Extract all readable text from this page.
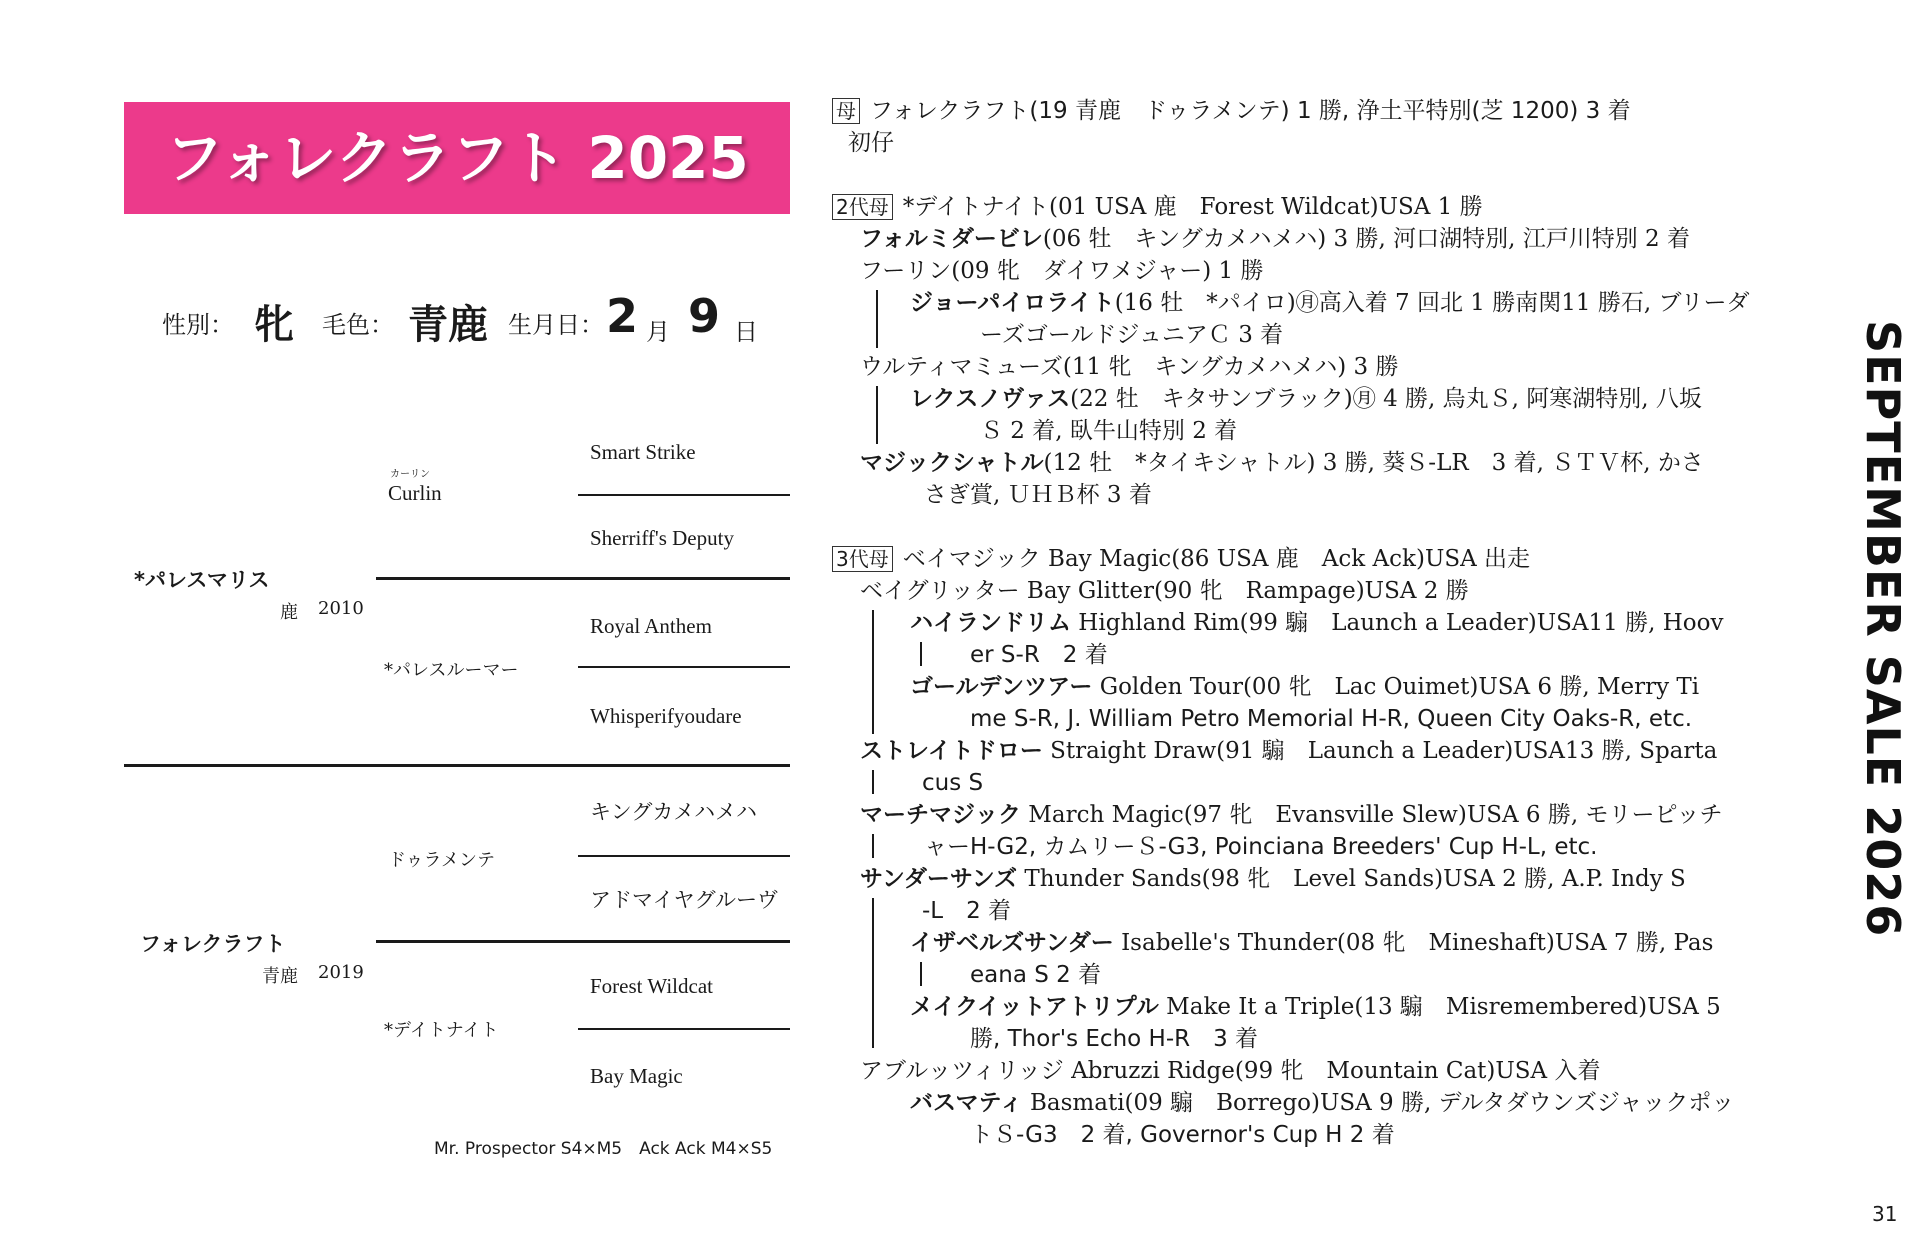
フォレクラフト 2025
性別： 牝 毛色： 青鹿 生月日： 2 月 9 日
Smart Strike
Sherriff's Deputy
Royal Anthem
Whisperifyoudare
キングカメハメハ
アドマイヤグルーヴ
Forest Wildcat
Bay Magic
カーリン
Curlin
*パレスルーマー
ドゥラメンテ
*デイトナイト
*パレスマリス
鹿 2010
フォレクラフト
青鹿 2019
Mr. Prospector S4×M5　Ack Ack M4×S5
母 フォレクラフト(19 青鹿　ドゥラメンテ) 1 勝, 浄土平特別(芝 1200) 3 着
初仔
2代母 *デイトナイト(01 USA 鹿　Forest Wildcat)USA 1 勝
フォルミダービレ(06 牡　キングカメハメハ) 3 勝, 河口湖特別, 江戸川特別 2 着
フーリン(09 牝　ダイワメジャー) 1 勝
ジョーパイロライト(16 牡　*パイロ)㊊高入着 7 回北 1 勝南関11 勝石, ブリーダ
ーズゴールドジュニアＣ 3 着
ウルティマミューズ(11 牝　キングカメハメハ) 3 勝
レクスノヴァス(22 牡　キタサンブラック)㊊ 4 勝, 烏丸Ｓ, 阿寒湖特別, 八坂
Ｓ 2 着, 臥牛山特別 2 着
マジックシャトル(12 牡　*タイキシャトル) 3 勝, 葵Ｓ-LR　3 着, ＳＴＶ杯, かさ
さぎ賞, ＵＨＢ杯 3 着
3代母 ベイマジック Bay Magic(86 USA 鹿　Ack Ack)USA 出走
ベイグリッター Bay Glitter(90 牝　Rampage)USA 2 勝
ハイランドリム Highland Rim(99 騸　Launch a Leader)USA11 勝, Hoov
er S-R　2 着
ゴールデンツアー Golden Tour(00 牝　Lac Ouimet)USA 6 勝, Merry Ti
me S-R, J. William Petro Memorial H-R, Queen City Oaks-R, etc.
ストレイトドロー Straight Draw(91 騸　Launch a Leader)USA13 勝, Sparta
cus S
マーチマジック March Magic(97 牝　Evansville Slew)USA 6 勝, モリーピッチ
ャーH-G2, カムリーＳ-G3, Poinciana Breeders' Cup H-L, etc.
サンダーサンズ Thunder Sands(98 牝　Level Sands)USA 2 勝, A.P. Indy S
-L　2 着
イザベルズサンダー Isabelle's Thunder(08 牝　Mineshaft)USA 7 勝, Pas
eana S 2 着
メイクイットアトリプル Make It a Triple(13 騸　Misremembered)USA 5
勝, Thor's Echo H-R　3 着
アブルッツィリッジ Abruzzi Ridge(99 牝　Mountain Cat)USA 入着
バスマティ Basmati(09 騸　Borrego)USA 9 勝, デルタダウンズジャックポッ
トＳ-G3　2 着, Governor's Cup H 2 着
SEPTEMBER SALE 2026
31
